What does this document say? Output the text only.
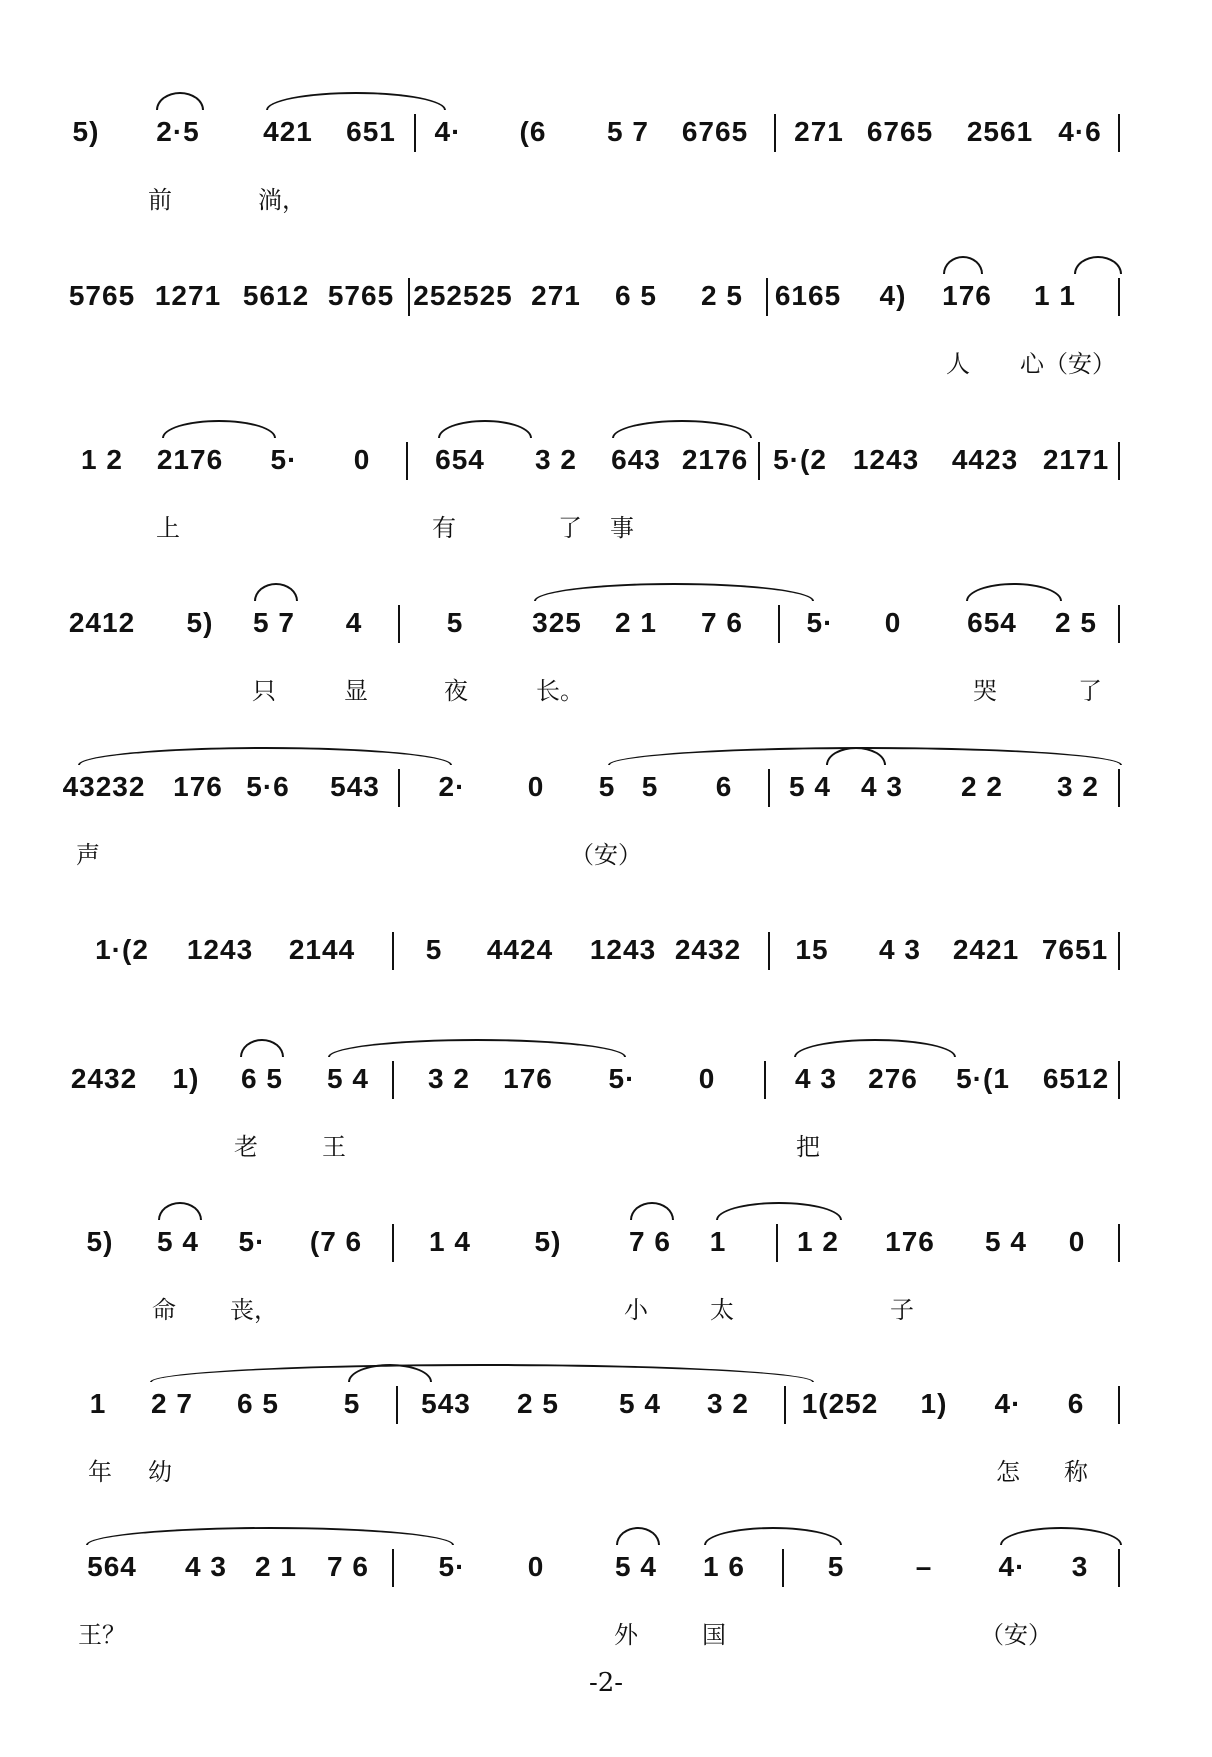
5) 2·5 421 651 4· (6 5 7 6765 271 6765 2561 4·6
前	淌，
5765 1271 5612 5765 252525 271 6 5 2 5 6165 4) 176 1 1
人 心（安）
1 2 2176 5· 0 654 3 2 643 2176 5·(2 1243 4423 2171
上	有	了 事
2412 5) 5 7 4	5 325 2 1 7 6 5· 0 654 2 5
只	显	夜	长。	哭	了
43232 176 5·6 543 2· 0 5 5 6 5 4 4 3 2 2 3 2
声	（安）
1·(2 1243 2144	5 4424 1243 2432 15 4 3 2421 7651
2432 1) 6 5 5 4 3 2 176 5· 0	4 3 276 5·(1 6512
老	王	把
5) 5 4 5· (7 6 1 4 5) 7 6 1	1 2 176 5 4 0
命 丧，	小	太	子
1 2 7 6 5 5 543 2 5 5 4 3 2 1(252 1) 4· 6
年 幼	怎 称
564 4 3 2 1 7 6 5· 0	5 4 1 6	5	– 4· 3
王？	外	国	（安）
-2-
